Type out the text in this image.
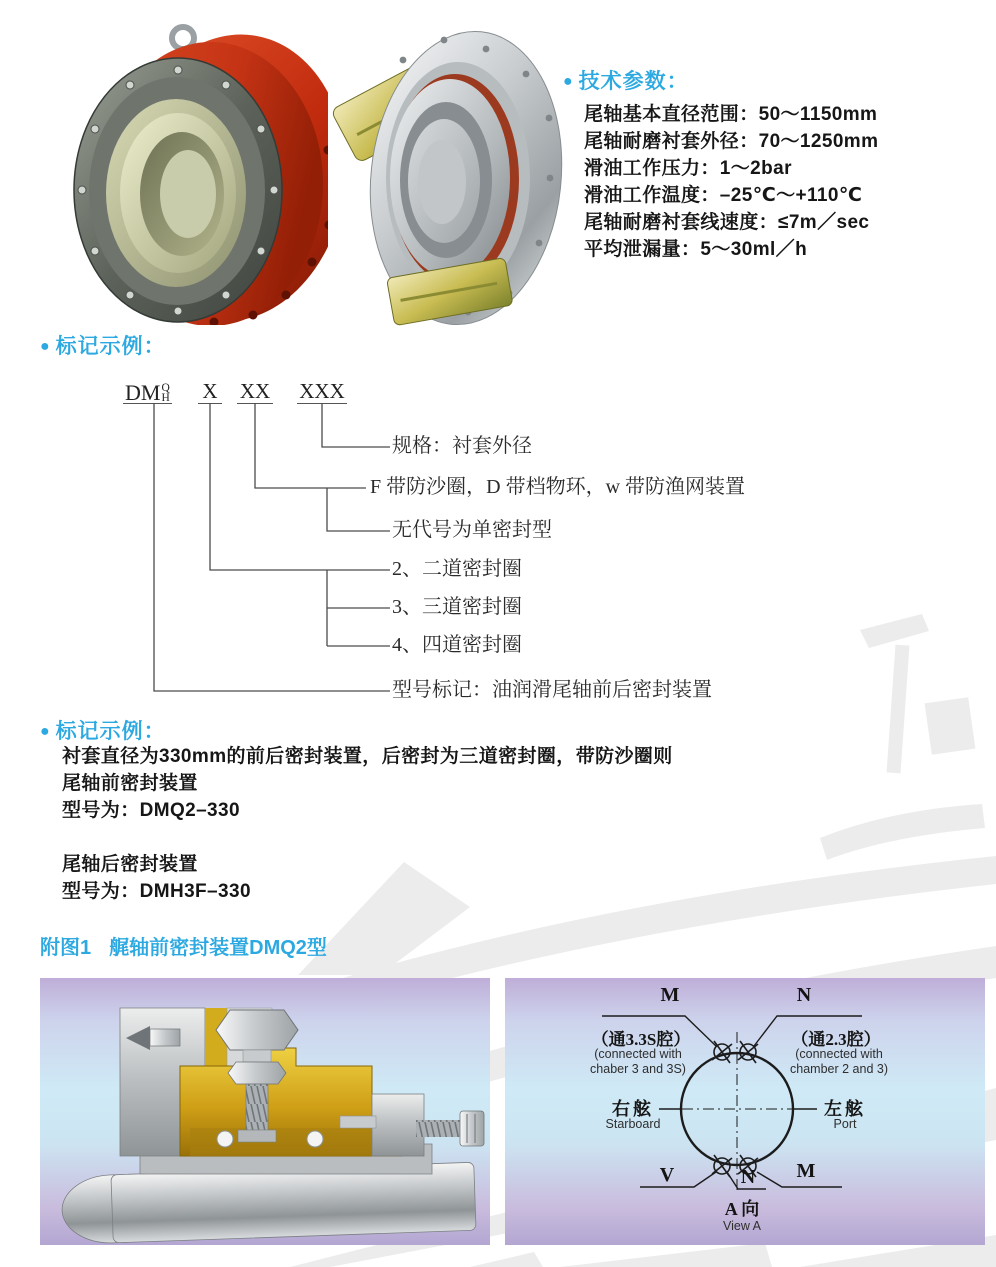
● 技术参数：
尾轴基本直径范围：50～1150mm
尾轴耐磨衬套外径：70～1250mm
滑油工作压力：1～2bar
滑油工作温度：–25℃～+110℃
尾轴耐磨衬套线速度：≤7m／sec
平均泄漏量：5～30ml／h
● 标记示例：
DM Q
H X XX XXX
规格：衬套外径
F 带防沙圈，D 带档物环，w 带防渔网装置
无代号为单密封型
2、二道密封圈
3、三道密封圈
4、四道密封圈
型号标记：油润滑尾轴前后密封装置
● 标记示例：
衬套直径为330mm的前后密封装置，后密封为三道密封圈，带防沙圈则
尾轴前密封装置
型号为：DMQ2–330
尾轴后密封装置
型号为：DMH3F–330
附图1 艉轴前密封装置DMQ2型
M	N
（通3.3S腔）
(connected with
chaber 3 and 3S)
（通2.3腔）
(connected with
chamber 2 and 3)
右舷
Starboard
左舷
Port
V	N M
A 向
View A
